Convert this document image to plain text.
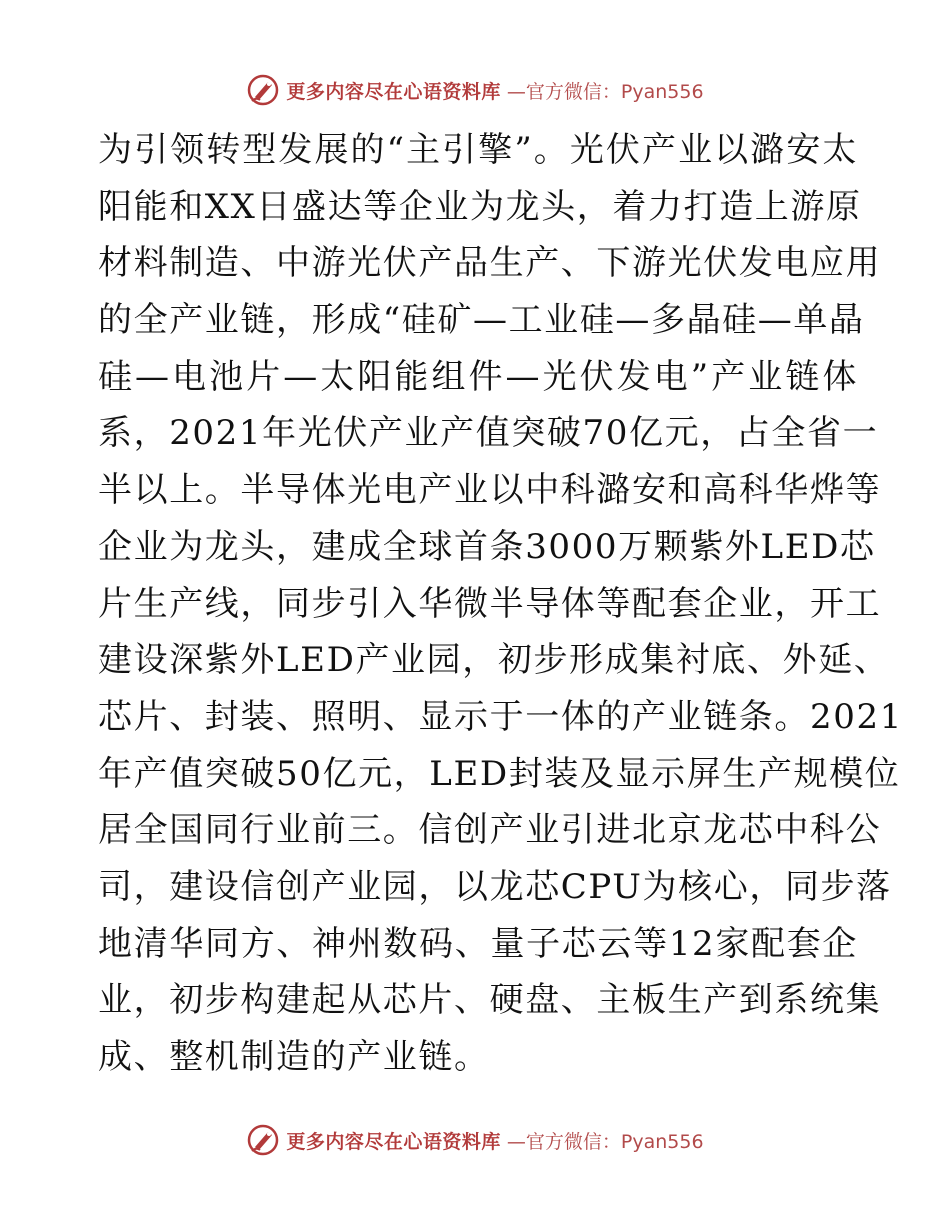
更多内容尽在心语资料库 —官方微信：Pyan556
为引领转型发展的“主引擎”。光伏产业以潞安太
阳能和XX日盛达等企业为龙头，着力打造上游原
材料制造、中游光伏产品生产、下游光伏发电应用
的全产业链，形成“硅矿—工业硅—多晶硅—单晶
硅—电池片—太阳能组件—光伏发电”产业链体
系，2021年光伏产业产值突破70亿元，占全省一
半以上。半导体光电产业以中科潞安和高科华烨等
企业为龙头，建成全球首条3000万颗紫外LED芯
片生产线，同步引入华微半导体等配套企业，开工
建设深紫外LED产业园，初步形成集衬底、外延、
芯片、封装、照明、显示于一体的产业链条。2021
年产值突破50亿元，LED封装及显示屏生产规模位
居全国同行业前三。信创产业引进北京龙芯中科公
司，建设信创产业园，以龙芯CPU为核心，同步落
地清华同方、神州数码、量子芯云等12家配套企
业，初步构建起从芯片、硬盘、主板生产到系统集
成、整机制造的产业链。
更多内容尽在心语资料库 —官方微信：Pyan556
